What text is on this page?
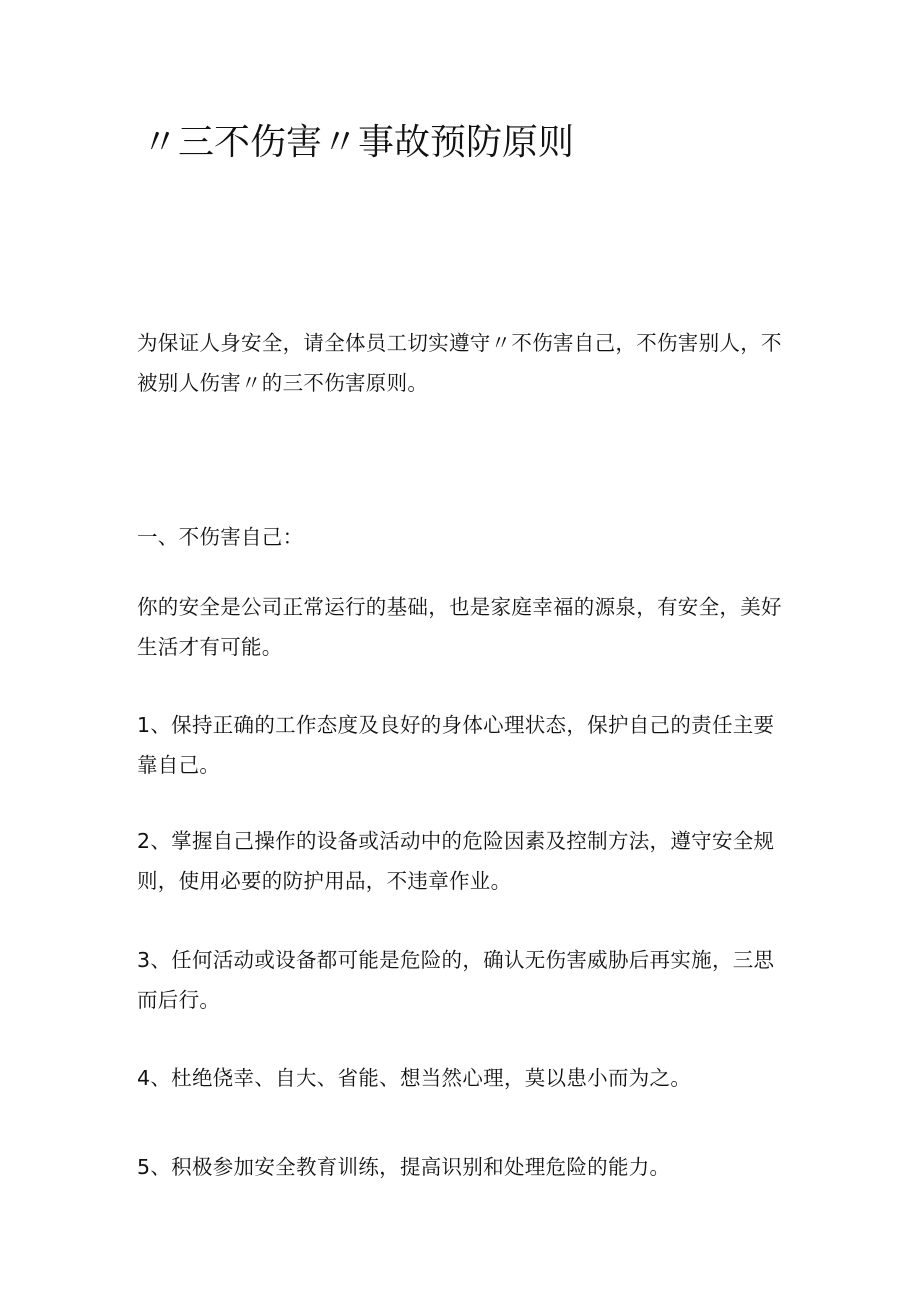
〃三不伤害〃事故预防原则

为保证人身安全，请全体员工切实遵守〃不伤害自己，不伤害别人，不被别人伤害〃的三不伤害原则。

一、不伤害自己：

你的安全是公司正常运行的基础，也是家庭幸福的源泉，有安全，美好生活才有可能。

1、保持正确的工作态度及良好的身体心理状态，保护自己的责任主要靠自己。

2、掌握自己操作的设备或活动中的危险因素及控制方法，遵守安全规则，使用必要的防护用品，不违章作业。

3、任何活动或设备都可能是危险的，确认无伤害威胁后再实施，三思而后行。

4、杜绝侥幸、自大、省能、想当然心理，莫以患小而为之。

5、积极参加安全教育训练，提高识别和处理危险的能力。
